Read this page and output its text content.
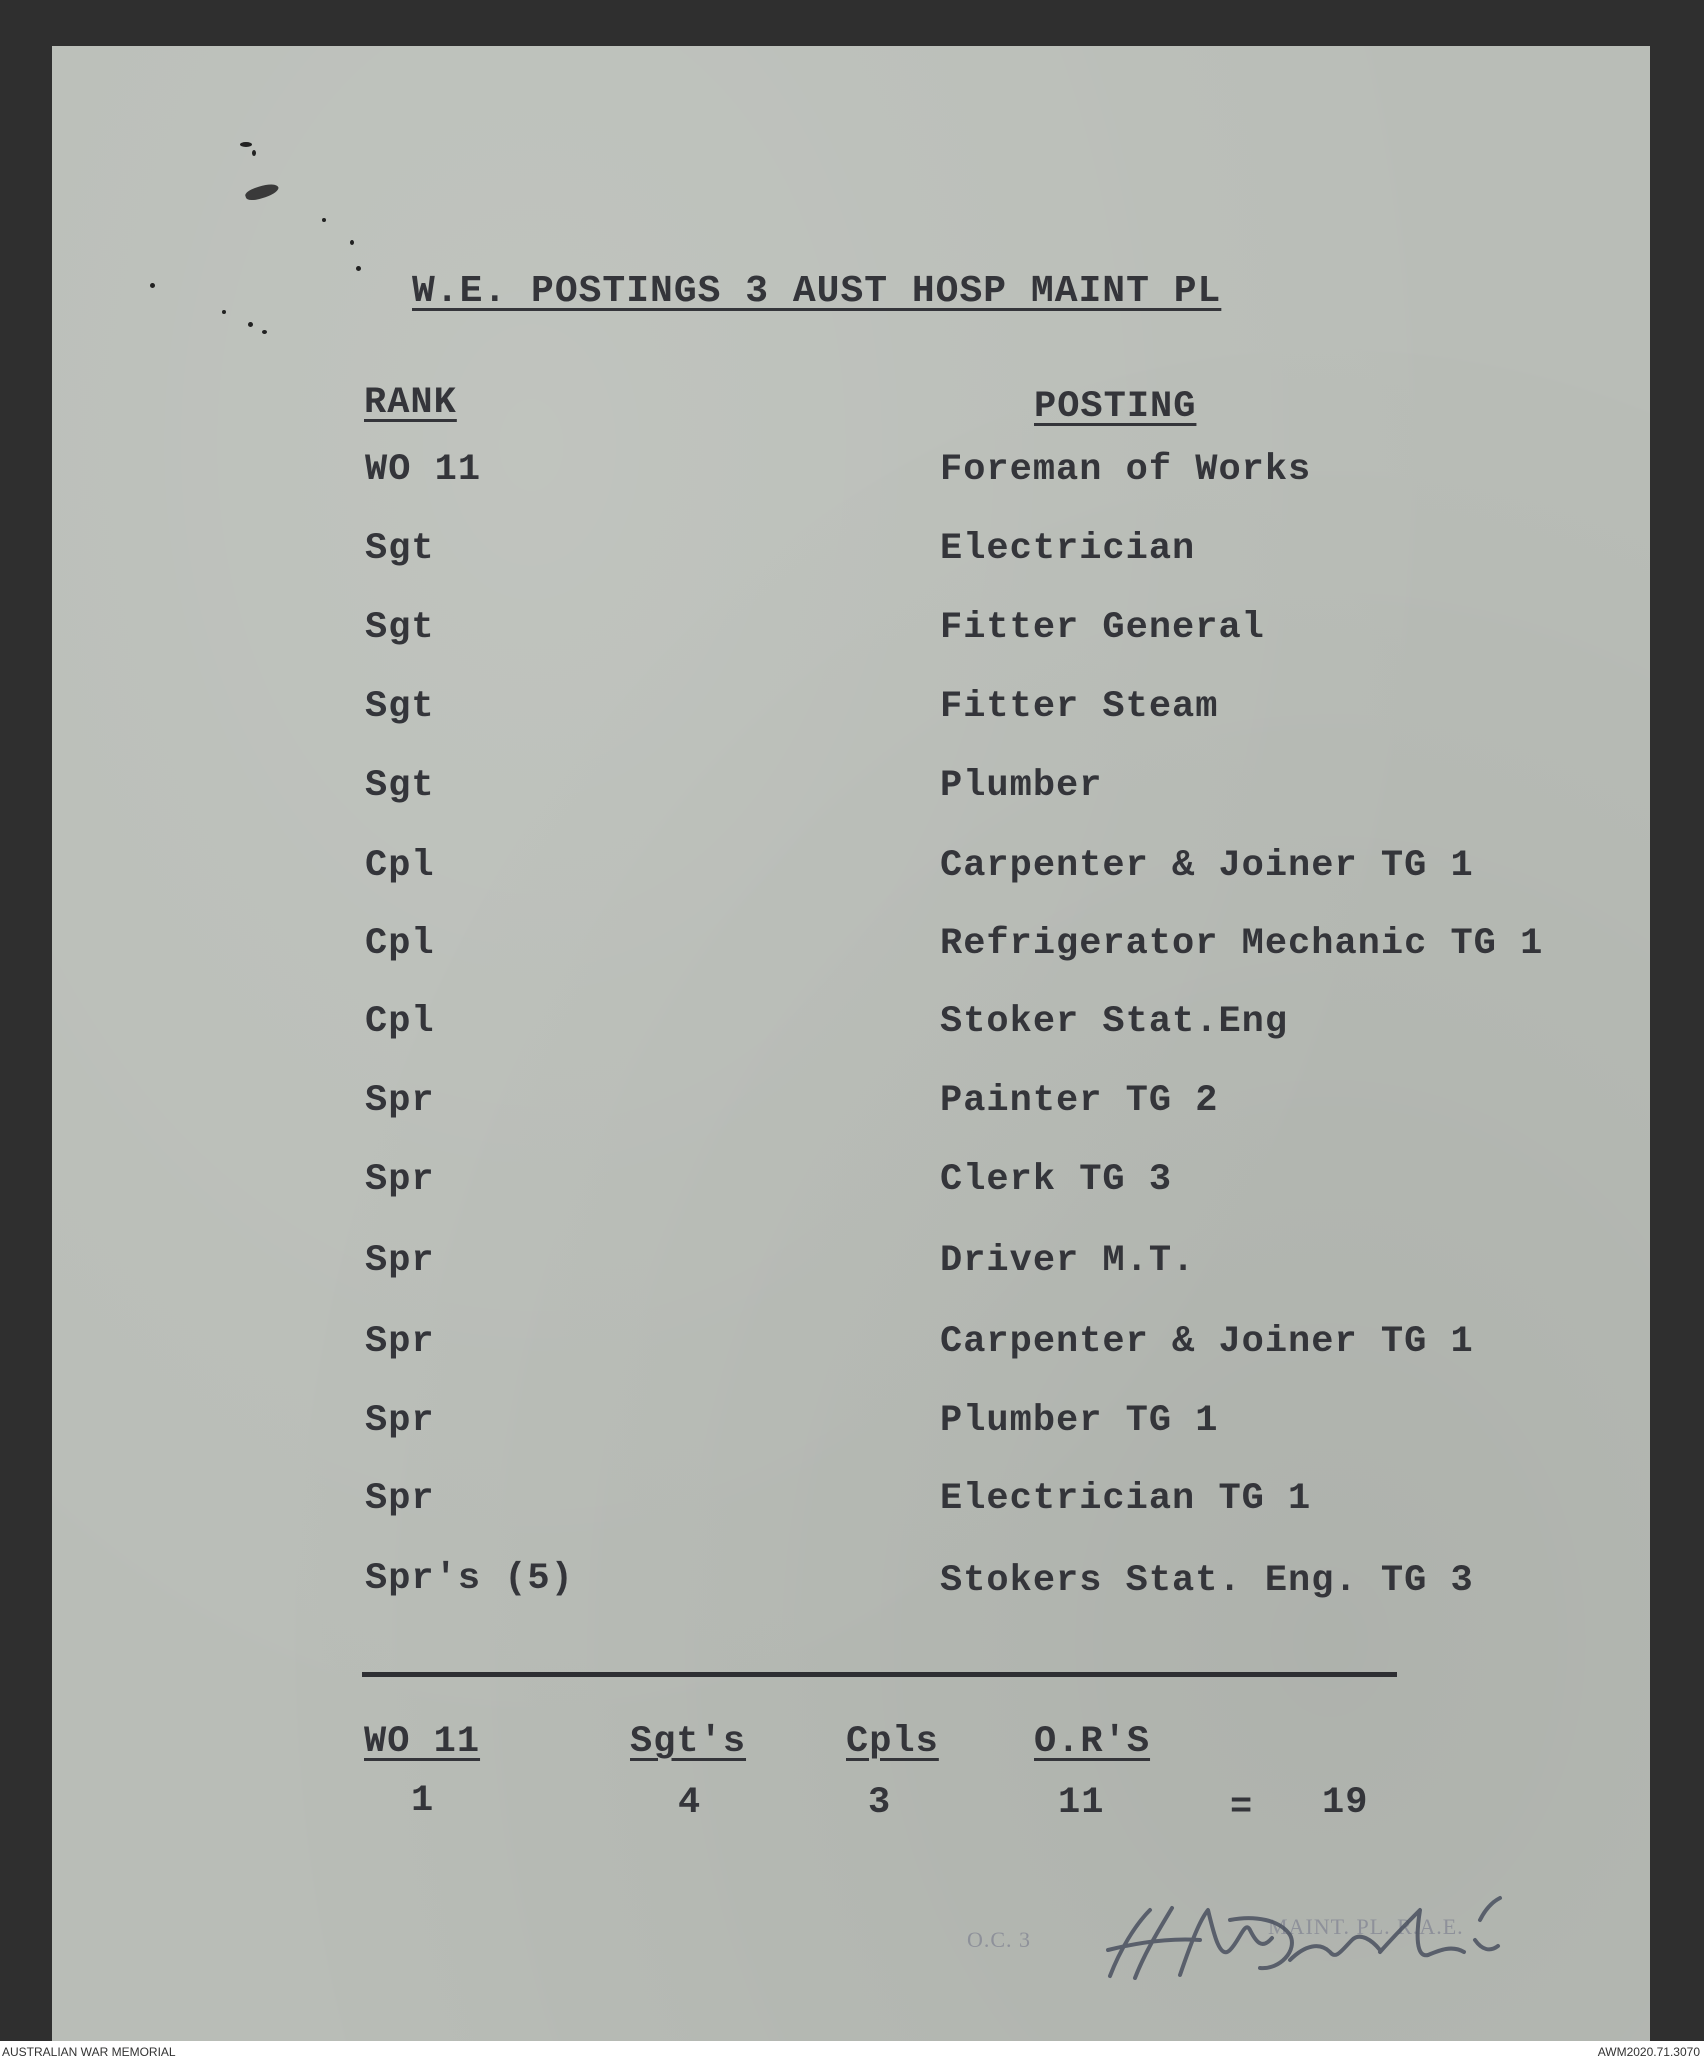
W.E. POSTINGS 3 AUST HOSP MAINT PL
RANK	POSTING
WO 11	Foreman of Works
Sgt	Electrician
Sgt	Fitter General
Sgt	Fitter Steam
Sgt	Plumber
Cpl	Carpenter & Joiner TG 1
Cpl	Refrigerator Mechanic TG 1
Cpl	Stoker Stat.Eng
Spr	Painter TG 2
Spr	Clerk TG 3
Spr	Driver M.T.
Spr	Carpenter & Joiner TG 1
Spr	Plumber TG 1
Spr	Electrician TG 1
Spr's (5)	Stokers Stat. Eng. TG 3
WO 11	Sgt's	Cpls	O.R'S
1	4	3	11	= 19
O.C. 3
MAINT. PL. R.A.E.
AUSTRALIAN WAR MEMORIAL	AWM2020.71.3070
